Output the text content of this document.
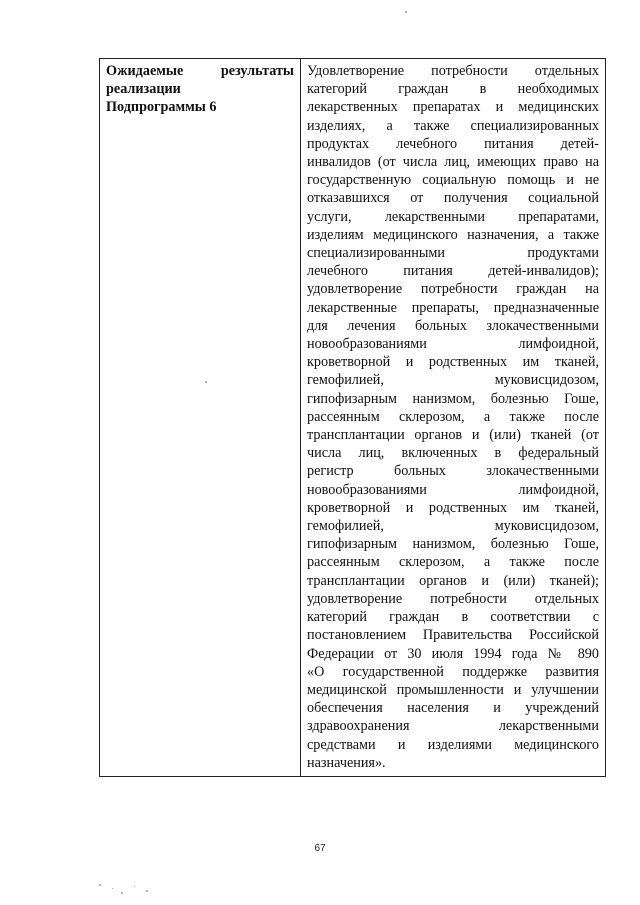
Ожидаемые результаты
реализации
Подпрограммы 6

Удовлетворение потребности отдельных
категорий граждан в необходимых
лекарственных препаратах и медицинских
изделиях, а также специализированных
продуктах лечебного питания детей-
инвалидов (от числа лиц, имеющих право на
государственную социальную помощь и не
отказавшихся от получения социальной
услуги, лекарственными препаратами,
изделиям медицинского назначения, а также
специализированными продуктами
лечебного питания детей-инвалидов);
удовлетворение потребности граждан на
лекарственные препараты, предназначенные
для лечения больных злокачественными
новообразованиями лимфоидной,
кроветворной и родственных им тканей,
гемофилией, муковисцидозом,
гипофизарным нанизмом, болезнью Гоше,
рассеянным склерозом, а также после
трансплантации органов и (или) тканей (от
числа лиц, включенных в федеральный
регистр больных злокачественными
новообразованиями лимфоидной,
кроветворной и родственных им тканей,
гемофилией, муковисцидозом,
гипофизарным нанизмом, болезнью Гоше,
рассеянным склерозом, а также после
трансплантации органов и (или) тканей);
удовлетворение потребности отдельных
категорий граждан в соответствии с
постановлением Правительства Российской
Федерации от 30 июля 1994 года № 890
«О государственной поддержке развития
медицинской промышленности и улучшении
обеспечения населения и учреждений
здравоохранения лекарственными
средствами и изделиями медицинского
назначения».
67
